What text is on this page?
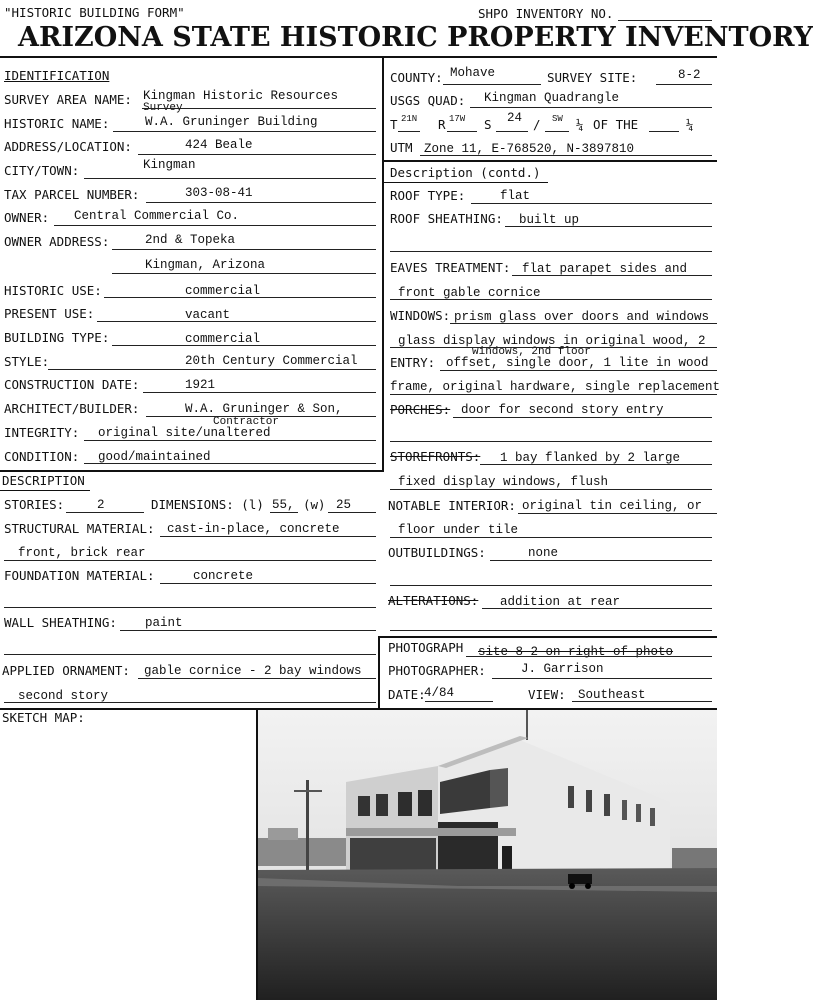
"HISTORIC BUILDING FORM"	SHPO INVENTORY NO.
ARIZONA STATE HISTORIC PROPERTY INVENTORY
IDENTIFICATION
SURVEY AREA NAME: Kingman Historic Resources
Survey
HISTORIC NAME:	W.A. Gruninger Building
ADDRESS/LOCATION:	424 Beale
CITY/TOWN:	Kingman
TAX PARCEL NUMBER:	303-08-41
OWNER: Central Commercial Co.
OWNER ADDRESS:	2nd & Topeka
Kingman, Arizona
HISTORIC USE:	commercial
PRESENT USE:	vacant
BUILDING TYPE:	commercial
STYLE:	20th Century Commercial
CONSTRUCTION DATE:	1921
ARCHITECT/BUILDER:	W.A. Gruninger & Son,
Contractor
INTEGRITY: original site/unaltered
CONDITION: good/maintained
COUNTY: Mohave	SURVEY SITE:	8-2
USGS QUAD: Kingman Quadrangle
T 21N R 17W S 24 / SW ¼ OF THE	¼
UTM Zone 11, E-768520, N-3897810
Description (contd.)
ROOF TYPE:	flat
ROOF SHEATHING: built up
EAVES TREATMENT: flat parapet sides and
front gable cornice
WINDOWS: prism glass over doors and windows
glass display windows in original wood, 2
windows, 2nd floor
ENTRY: offset, single door, 1 lite in wood
frame, original hardware, single replacement
PORCHES: door for second story entry
STOREFRONTS: 1 bay flanked by 2 large
fixed display windows, flush
NOTABLE INTERIOR: original tin ceiling, or
floor under tile
OUTBUILDINGS:	none
ALTERATIONS: addition at rear
DESCRIPTION
STORIES:	2	DIMENSIONS: (l) 55, (w) 25
STRUCTURAL MATERIAL: cast-in-place, concrete
front, brick rear
FOUNDATION MATERIAL:	concrete
WALL SHEATHING: paint
APPLIED ORNAMENT: gable cornice - 2 bay windows
second story
PHOTOGRAPH site 8-2 on right of photo
PHOTOGRAPHER:	J. Garrison
DATE:
4/84	VIEW: Southeast
SKETCH MAP:
